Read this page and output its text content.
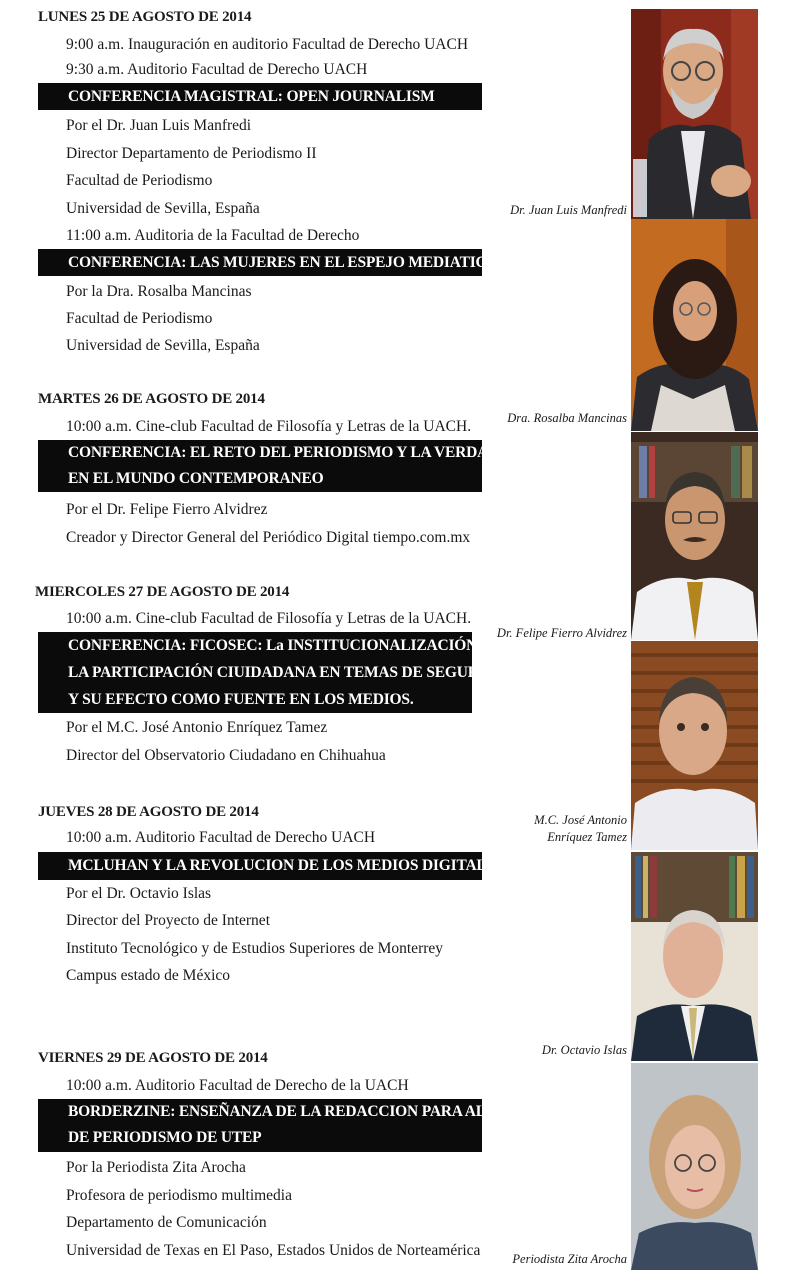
LUNES 25 DE AGOSTO DE 2014
9:00 a.m. Inauguración en auditorio Facultad de Derecho UACH
9:30 a.m. Auditorio Facultad de Derecho UACH
CONFERENCIA MAGISTRAL: OPEN JOURNALISM
Por el Dr. Juan Luis Manfredi
Director Departamento de Periodismo II
Facultad de Periodismo
Universidad de Sevilla, España
11:00 a.m. Auditoria de la Facultad de Derecho
CONFERENCIA: LAS MUJERES EN EL ESPEJO MEDIATICO
Por la Dra. Rosalba Mancinas
Facultad de Periodismo
Universidad de Sevilla, España
MARTES 26 DE AGOSTO DE 2014
10:00 a.m. Cine-club Facultad de Filosofía y Letras de la UACH.
CONFERENCIA: EL RETO DEL PERIODISMO Y LA VERDAD
EN EL MUNDO CONTEMPORANEO
Por el Dr. Felipe Fierro Alvidrez
Creador y Director General del Periódico Digital tiempo.com.mx
MIERCOLES 27 DE AGOSTO DE 2014
10:00 a.m. Cine-club Facultad de Filosofía y Letras de la UACH.
CONFERENCIA: FICOSEC: La INSTITUCIONALIZACIÓN DE
LA PARTICIPACIÓN CIUIDADANA EN TEMAS DE SEGURIDAD
Y SU EFECTO COMO FUENTE EN LOS MEDIOS.
Por el M.C. José Antonio Enríquez Tamez
Director del Observatorio Ciudadano en Chihuahua
JUEVES 28 DE AGOSTO DE 2014
10:00 a.m. Auditorio Facultad de Derecho UACH
MCLUHAN Y LA REVOLUCION DE LOS MEDIOS DIGITALES
Por el Dr. Octavio Islas
Director del Proyecto de Internet
Instituto Tecnológico y de Estudios Superiores de Monterrey
Campus estado de México
VIERNES 29 DE AGOSTO DE 2014
10:00 a.m. Auditorio Facultad de Derecho de la UACH
BORDERZINE: ENSEÑANZA DE LA REDACCION PARA ALUMNOS
DE PERIODISMO DE UTEP
Por la Periodista Zita Arocha
Profesora de periodismo multimedia
Departamento de Comunicación
Universidad de Texas en El Paso, Estados Unidos de Norteamérica
Dr. Juan Luis Manfredi
Dra. Rosalba Mancinas
Dr. Felipe Fierro Alvidrez
M.C. José Antonio
Enríquez Tamez
Dr. Octavio Islas
Periodista Zita Arocha
